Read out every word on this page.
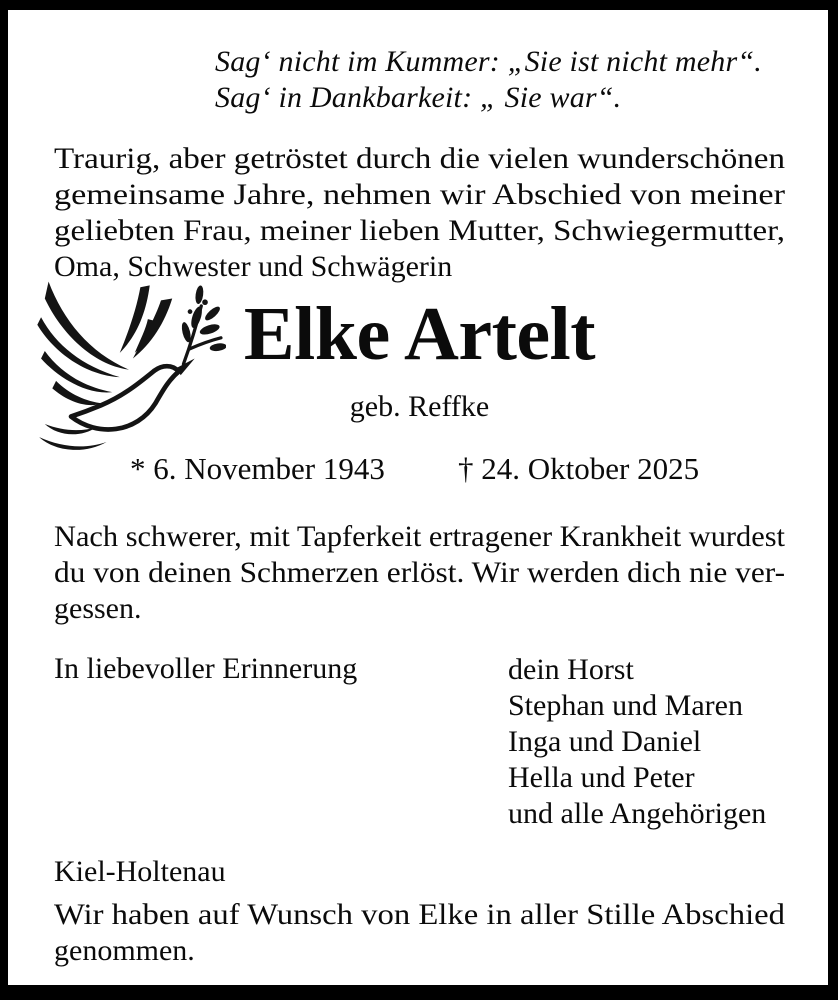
Sag‘ nicht im Kummer: „Sie ist nicht mehr“.
Sag‘ in Dankbarkeit: „ Sie war“.
Traurig, aber getröstet durch die vielen wunderschönen
gemeinsame Jahre, nehmen wir Abschied von meiner
geliebten Frau, meiner lieben Mutter, Schwiegermutter,
Oma, Schwester und Schwägerin
Elke Artelt
geb. Reffke
* 6. November 1943 † 24. Oktober 2025
Nach schwerer, mit Tapferkeit ertragener Krankheit wurdest
du von deinen Schmerzen erlöst. Wir werden dich nie ver-
gessen.
In liebevoller Erinnerung	dein Horst
Stephan und Maren
Inga und Daniel
Hella und Peter
und alle Angehörigen
Kiel-Holtenau
Wir haben auf Wunsch von Elke in aller Stille Abschied
genommen.
